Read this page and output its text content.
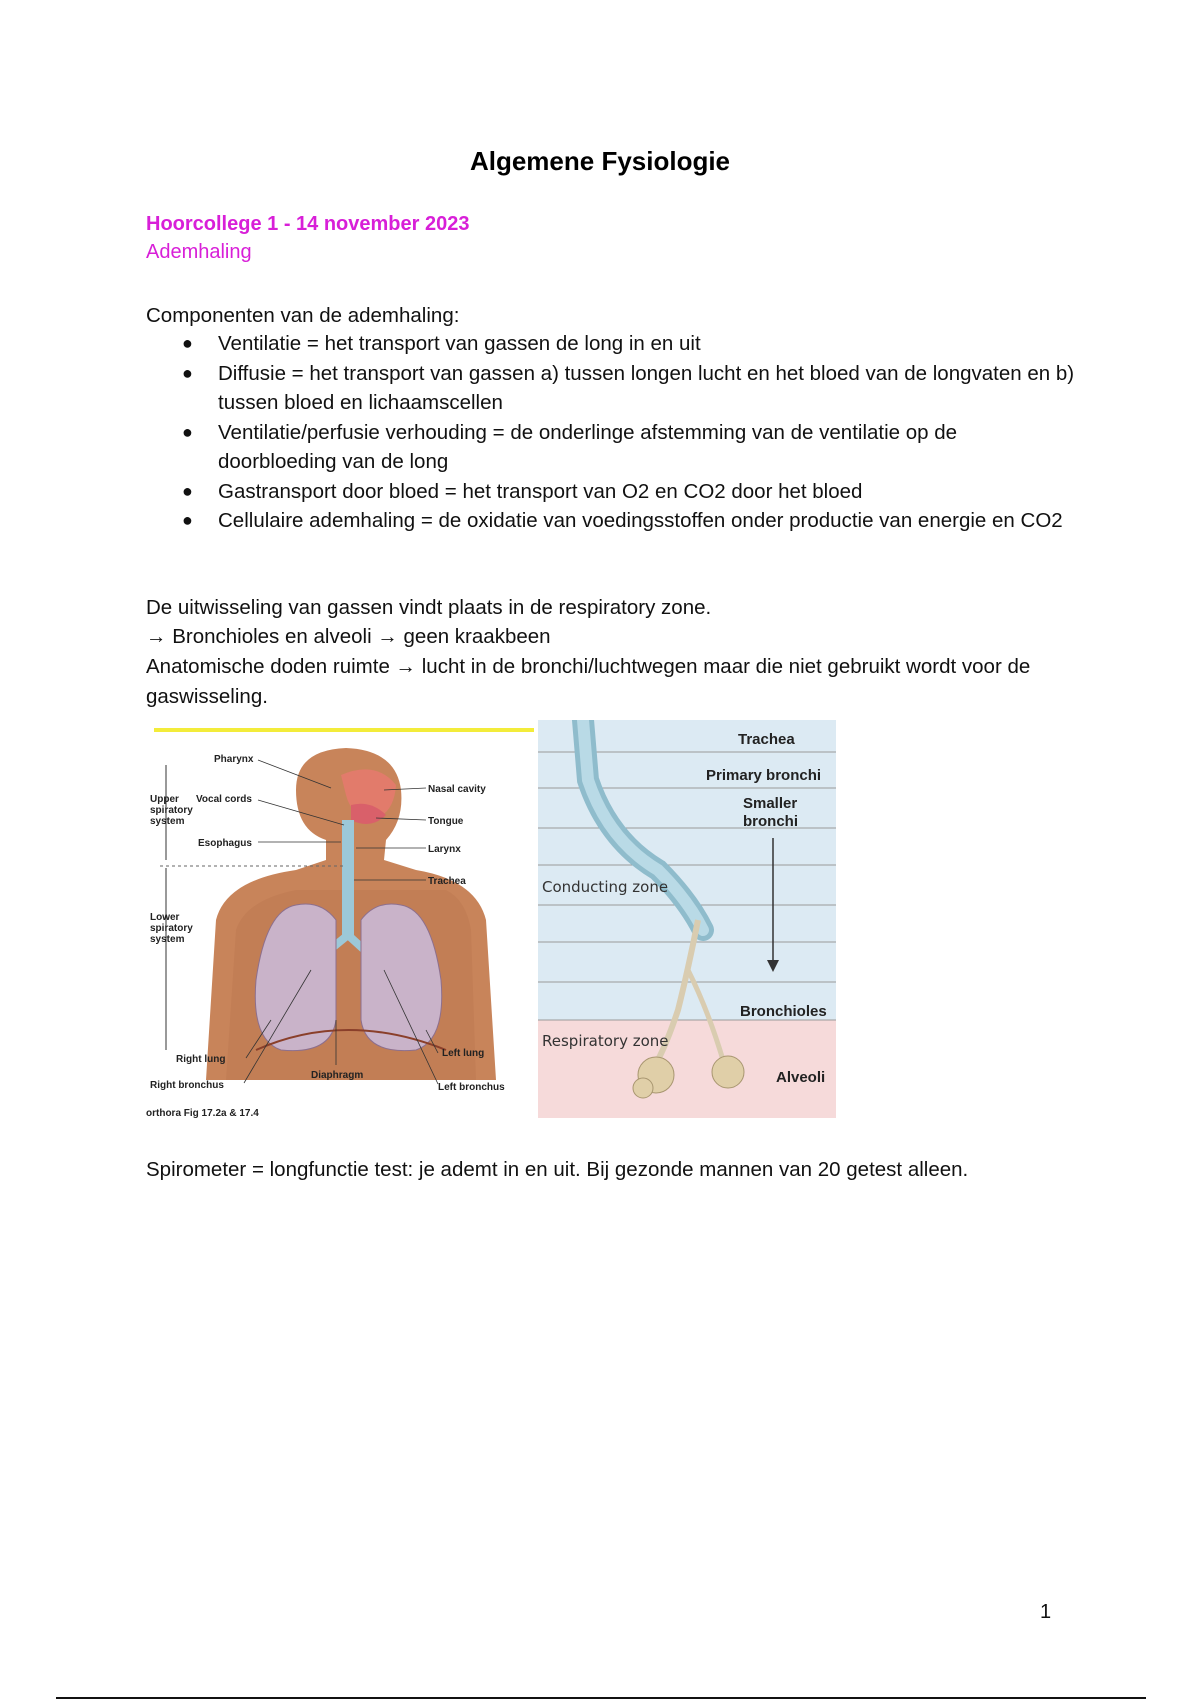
Algemene Fysiologie
Hoorcollege 1 - 14 november 2023
Ademhaling
Componenten van de ademhaling:
● Ventilatie = het transport van gassen de long in en uit
● Diffusie = het transport van gassen a) tussen longen lucht en het bloed van de longvaten en b) tussen bloed en lichaamscellen
● Ventilatie/perfusie verhouding = de onderlinge afstemming van de ventilatie op de doorbloeding van de long
● Gastransport door bloed = het transport van O2 en CO2 door het bloed
● Cellulaire ademhaling = de oxidatie van voedingsstoffen onder productie van energie en CO2
De uitwisseling van gassen vindt plaats in de respiratory zone.
→ Bronchioles en alveoli → geen kraakbeen
Anatomische doden ruimte → lucht in de bronchi/luchtwegen maar die niet gebruikt wordt voor de gaswisseling.
Upper spiratory system
Lower spiratory system
Pharynx
Vocal cords
Esophagus
Nasal cavity
Tongue
Larynx
Trachea
Right lung
Right bronchus
Diaphragm
Left lung
Left bronchus
orthora Fig 17.2a & 17.4
Trachea
Primary bronchi
Smaller bronchi
Conducting zone
Bronchioles
Respiratory zone
Alveoli
Spirometer = longfunctie test: je ademt in en uit. Bij gezonde mannen van 20 getest alleen.
1
